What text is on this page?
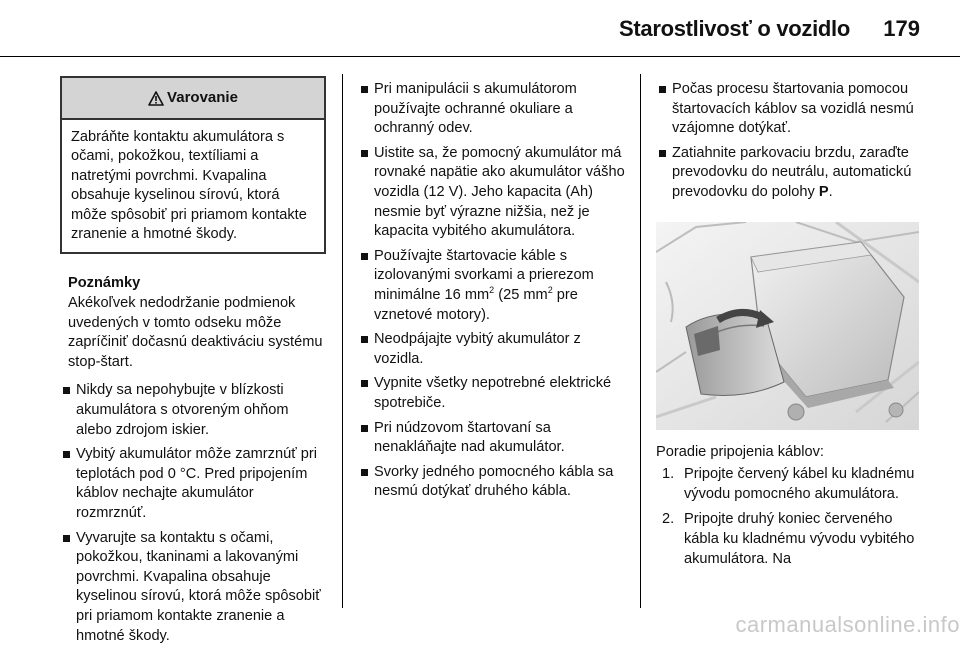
Starostlivosť o vozidlo	179
Varovanie
Zabráňte kontaktu akumulátora s očami, pokožkou, textíliami a natretými povrchmi. Kvapalina obsahuje kyselinou sírovú, ktorá môže spôsobiť pri priamom kontakte zranenie a hmotné škody.
Poznámky
Akékoľvek nedodržanie podmienok uvedených v tomto odseku môže zapríčiniť dočasnú deaktiváciu systému stop-štart.
Nikdy sa nepohybujte v blízkosti akumulátora s otvoreným ohňom alebo zdrojom iskier.
Vybitý akumulátor môže zamrznúť pri teplotách pod 0 °C. Pred pripojením káblov nechajte akumulátor rozmrznúť.
Vyvarujte sa kontaktu s očami, pokožkou, tkaninami a lakovanými povrchmi. Kvapalina obsahuje kyselinou sírovú, ktorá môže spôsobiť pri priamom kontakte zranenie a hmotné škody.
Pri manipulácii s akumulátorom používajte ochranné okuliare a ochranný odev.
Uistite sa, že pomocný akumulátor má rovnaké napätie ako akumulátor vášho vozidla (12 V). Jeho kapacita (Ah) nesmie byť výrazne nižšia, než je kapacita vybitého akumulátora.
Používajte štartovacie káble s izolovanými svorkami a prierezom minimálne 16 $mm^2$ (25 $mm^2$ pre vznetové motory).
Neodpájajte vybitý akumulátor z vozidla.
Vypnite všetky nepotrebné elektrické spotrebiče.
Pri núdzovom štartovaní sa nenakláňajte nad akumulátor.
Svorky jedného pomocného kábla sa nesmú dotýkať druhého kábla.
Počas procesu štartovania pomocou štartovacích káblov sa vozidlá nesmú vzájomne dotýkať.
Zatiahnite parkovaciu brzdu, zaraďte prevodovku do neutrálu, automatickú prevodovku do polohy P.
Poradie pripojenia káblov:
1. Pripojte červený kábel ku kladnému vývodu pomocného akumulátora.
2. Pripojte druhý koniec červeného kábla ku kladnému vývodu vybitého akumulátora. Na
carmanualsonline.info
